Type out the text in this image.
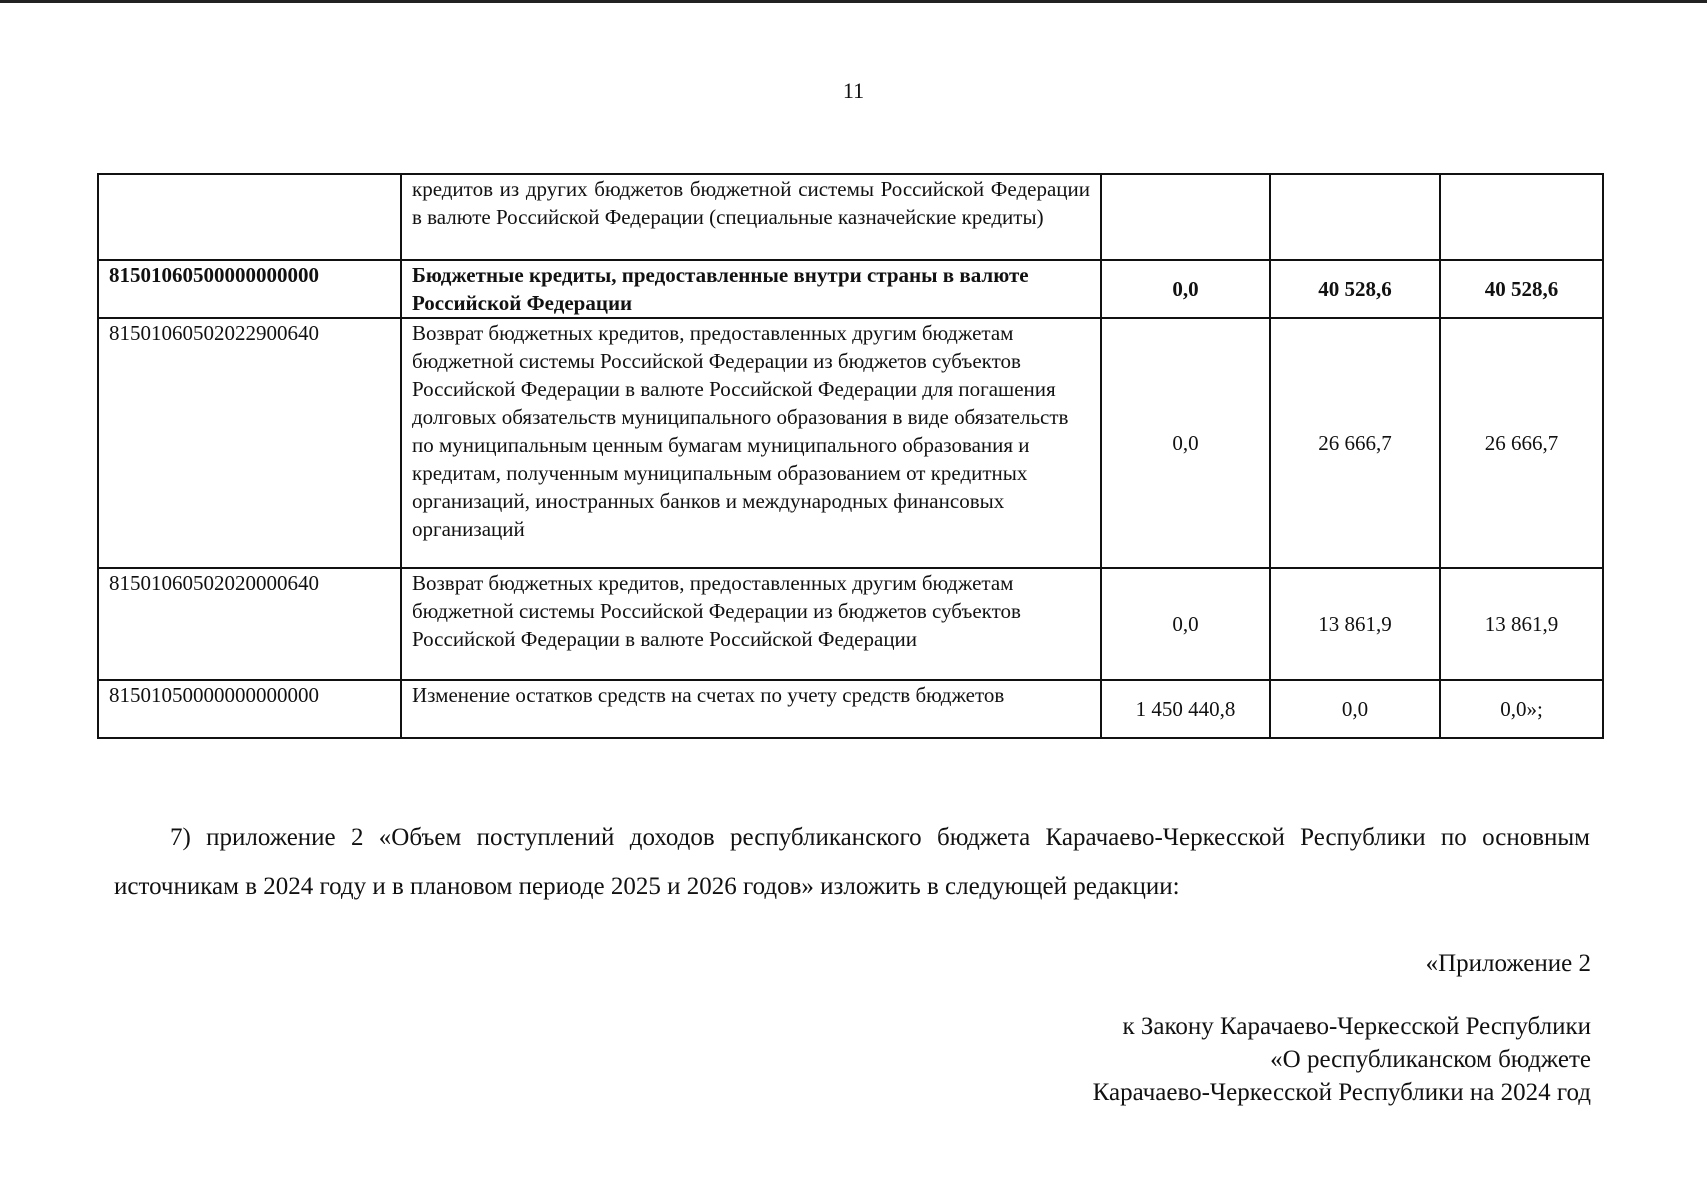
11
	кредитов из других бюджетов бюджетной системы Российской Федерации в валюте Российской Федерации (специальные казначейские кредиты)			
81501060500000000000	Бюджетные кредиты, предоставленные внутри страны в валюте Российской Федерации	0,0	40 528,6	40 528,6
81501060502022900640	Возврат бюджетных кредитов, предоставленных другим бюджетам бюджетной системы Российской Федерации из бюджетов субъектов Российской Федерации в валюте Российской Федерации для погашения долговых обязательств муниципального образования в виде обязательств по муниципальным ценным бумагам муниципального образования и кредитам, полученным муниципальным образованием от кредитных организаций, иностранных банков и международных финансовых организаций	0,0	26 666,7	26 666,7
81501060502020000640	Возврат бюджетных кредитов, предоставленных другим бюджетам бюджетной системы Российской Федерации из бюджетов субъектов Российской Федерации в валюте Российской Федерации	0,0	13 861,9	13 861,9
81501050000000000000	Изменение остатков средств на счетах по учету средств бюджетов	1 450 440,8	0,0	0,0»;
7) приложение 2 «Объем поступлений доходов республиканского бюджета Карачаево-Черкесской Республики по основным источникам в 2024 году и в плановом периоде 2025 и 2026 годов» изложить в следующей редакции:
«Приложение 2
к Закону Карачаево-Черкесской Республики
«О республиканском бюджете
Карачаево-Черкесской Республики на 2024 год
